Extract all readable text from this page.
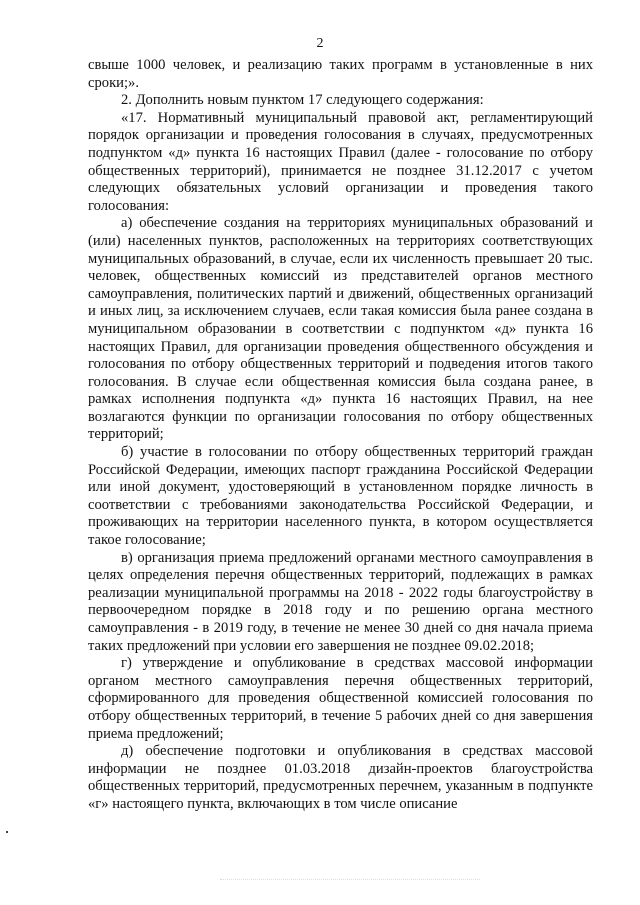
2

свыше 1000 человек, и реализацию таких программ в установленные в них сроки;».

2. Дополнить новым пунктом 17 следующего содержания:

«17. Нормативный муниципальный правовой акт, регламентирующий порядок организации и проведения голосования в случаях, предусмотренных подпунктом «д» пункта 16 настоящих Правил (далее - голосование по отбору общественных территорий), принимается не позднее 31.12.2017 с учетом следующих обязательных условий организации и проведения такого голосования:

а) обеспечение создания на территориях муниципальных образований и (или) населенных пунктов, расположенных на территориях соответствующих муниципальных образований, в случае, если их численность превышает 20 тыс. человек, общественных комиссий из представителей органов местного самоуправления, политических партий и движений, общественных организаций и иных лиц, за исключением случаев, если такая комиссия была ранее создана в муниципальном образовании в соответствии с подпунктом «д» пункта 16 настоящих Правил, для организации проведения общественного обсуждения и голосования по отбору общественных территорий и подведения итогов такого голосования. В случае если общественная комиссия была создана ранее, в рамках исполнения подпункта «д» пункта 16 настоящих Правил, на нее возлагаются функции по организации голосования по отбору общественных территорий;

б) участие в голосовании по отбору общественных территорий граждан Российской Федерации, имеющих паспорт гражданина Российской Федерации или иной документ, удостоверяющий в установленном порядке личность в соответствии с требованиями законодательства Российской Федерации, и проживающих на территории населенного пункта, в котором осуществляется такое голосование;

в) организация приема предложений органами местного самоуправления в целях определения перечня общественных территорий, подлежащих в рамках реализации муниципальной программы на 2018 - 2022 годы благоустройству в первоочередном порядке в 2018 году и по решению органа местного самоуправления - в 2019 году, в течение не менее 30 дней со дня начала приема таких предложений при условии его завершения не позднее 09.02.2018;

г) утверждение и опубликование в средствах массовой информации органом местного самоуправления перечня общественных территорий, сформированного для проведения общественной комиссией голосования по отбору общественных территорий, в течение 5 рабочих дней со дня завершения приема предложений;

д) обеспечение подготовки и опубликования в средствах массовой информации не позднее 01.03.2018 дизайн-проектов благоустройства общественных территорий, предусмотренных перечнем, указанным в подпункте «г» настоящего пункта, включающих в том числе описание
